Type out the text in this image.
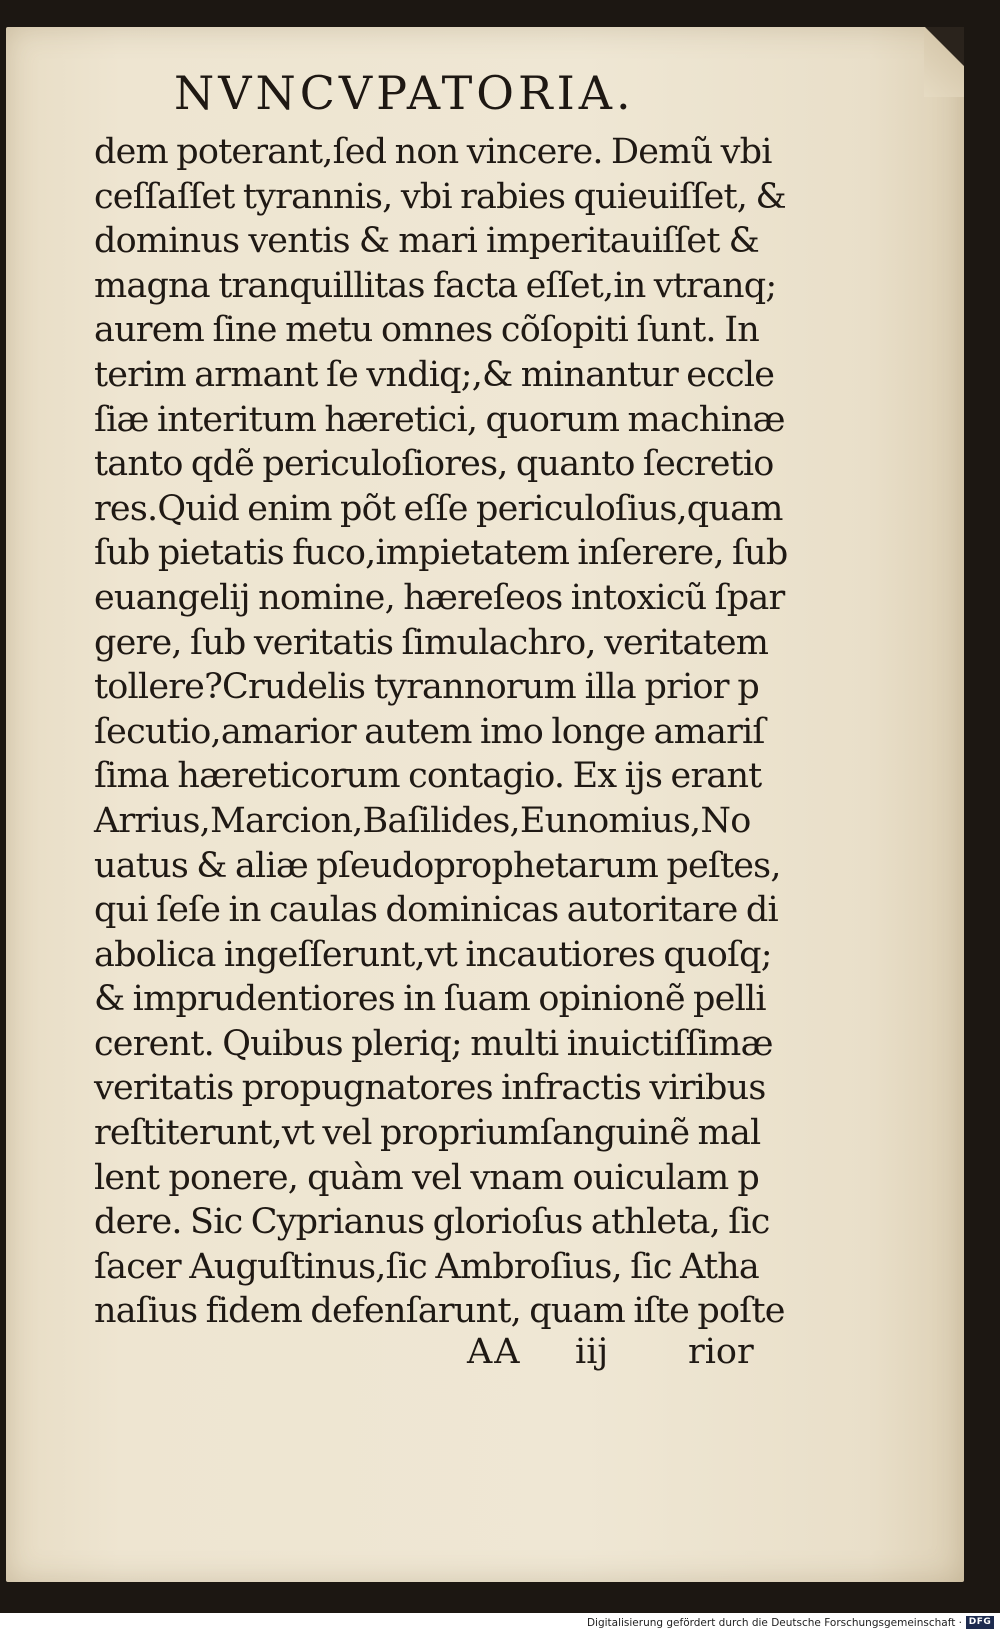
NVNCVPATORIA.
dem poterant,ſed non vincere. Demũ vbi
ceſſaſſet tyrannis, vbi rabies quieuiſſet, &
dominus ventis & mari imperitauiſſet &
magna tranquillitas facta eſſet,in vtranq;
aurem ſine metu omnes cõſopiti ſunt. In
terim armant ſe vndiq;,& minantur eccle
ſiæ interitum hæretici, quorum machinæ
tanto qdẽ periculoſiores, quanto ſecretio
res.Quid enim põt eſſe periculoſius,quam
ſub pietatis fuco,impietatem inſerere, ſub
euangelij nomine, hæreſeos intoxicũ ſpar
gere, ſub veritatis ſimulachro, veritatem
tollere?Crudelis tyrannorum illa prior p
ſecutio,amarior autem imo longe amariſ
ſima hæreticorum contagio. Ex ijs erant
Arrius,Marcion,Baſilides,Eunomius,No
uatus & aliæ pſeudoprophetarum peſtes,
qui ſeſe in caulas dominicas autoritare di
abolica ingeſſerunt,vt incautiores quoſq;
& imprudentiores in ſuam opinionẽ pelli
cerent. Quibus pleriq; multi inuictiſſimæ
veritatis propugnatores infractis viribus
reſtiterunt,vt vel propriumſanguinẽ mal
lent ponere, quàm vel vnam ouiculam p
dere. Sic Cyprianus glorioſus athleta, ſic
ſacer Auguſtinus,ſic Ambroſius, ſic Atha
naſius fidem defenſarunt, quam iſte poſte
AA iij rior
Digitalisierung gefördert durch die Deutsche Forschungsgemeinschaft · DFG
